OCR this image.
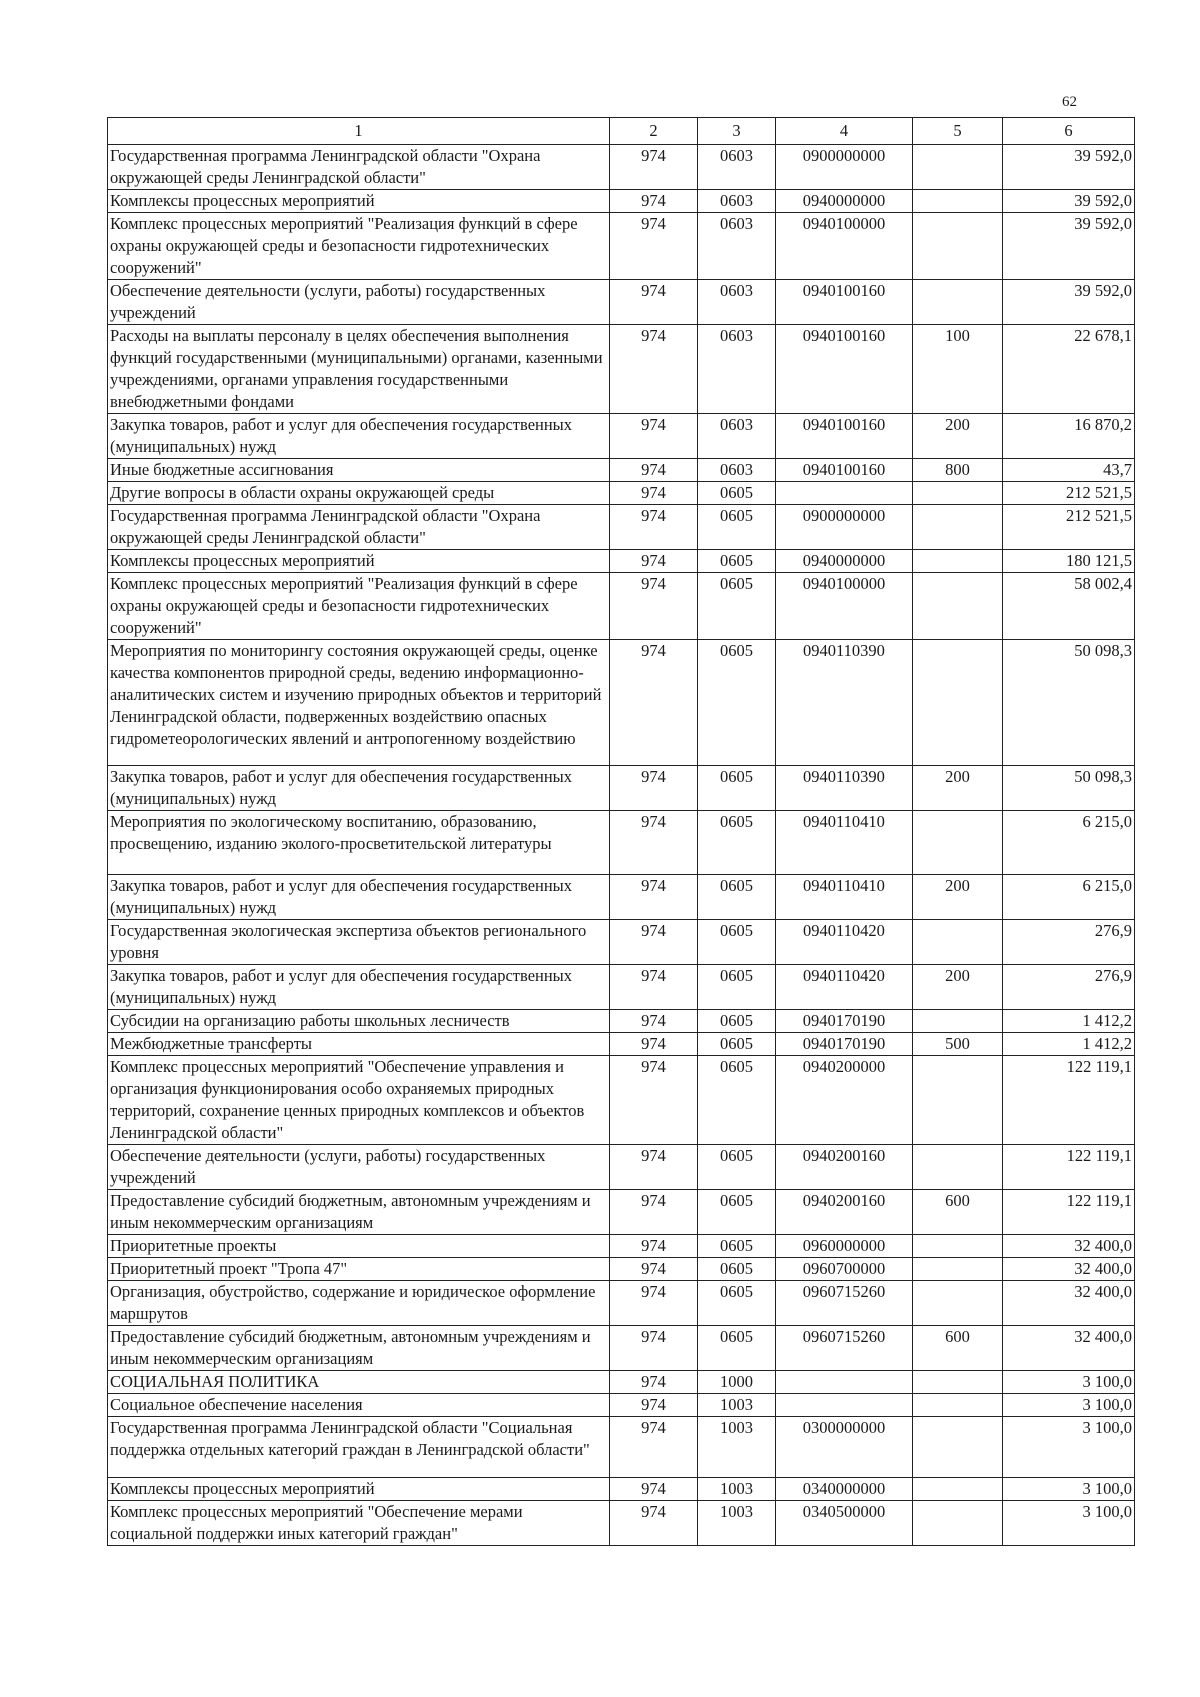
62
1	2	3	4	5	6
Государственная программа Ленинградской области "Охрана окружающей среды Ленинградской области"	974	0603	0900000000		39 592,0
Комплексы процессных мероприятий	974	0603	0940000000		39 592,0
Комплекс процессных мероприятий "Реализация функций в сфере охраны окружающей среды и безопасности гидротехнических сооружений"	974	0603	0940100000		39 592,0
Обеспечение деятельности (услуги, работы) государственных учреждений	974	0603	0940100160		39 592,0
Расходы на выплаты персоналу в целях обеспечения выполнения функций государственными (муниципальными) органами, казенными учреждениями, органами управления государственными внебюджетными фондами	974	0603	0940100160	100	22 678,1
Закупка товаров, работ и услуг для обеспечения государственных (муниципальных) нужд	974	0603	0940100160	200	16 870,2
Иные бюджетные ассигнования	974	0603	0940100160	800	43,7
Другие вопросы в области охраны окружающей среды	974	0605			212 521,5
Государственная программа Ленинградской области "Охрана окружающей среды Ленинградской области"	974	0605	0900000000		212 521,5
Комплексы процессных мероприятий	974	0605	0940000000		180 121,5
Комплекс процессных мероприятий "Реализация функций в сфере охраны окружающей среды и безопасности гидротехнических сооружений"	974	0605	0940100000		58 002,4
Мероприятия по мониторингу состояния окружающей среды, оценке качества компонентов природной среды, ведению информационно-аналитических систем и изучению природных объектов и территорий Ленинградской области, подверженных воздействию опасных гидрометеорологических явлений и антропогенному воздействию	974	0605	0940110390		50 098,3
Закупка товаров, работ и услуг для обеспечения государственных (муниципальных) нужд	974	0605	0940110390	200	50 098,3
Мероприятия по экологическому воспитанию, образованию, просвещению, изданию эколого-просветительской литературы	974	0605	0940110410		6 215,0
Закупка товаров, работ и услуг для обеспечения государственных (муниципальных) нужд	974	0605	0940110410	200	6 215,0
Государственная экологическая экспертиза объектов регионального уровня	974	0605	0940110420		276,9
Закупка товаров, работ и услуг для обеспечения государственных (муниципальных) нужд	974	0605	0940110420	200	276,9
Субсидии на организацию работы школьных лесничеств	974	0605	0940170190		1 412,2
Межбюджетные трансферты	974	0605	0940170190	500	1 412,2
Комплекс процессных мероприятий "Обеспечение управления и организация функционирования особо охраняемых природных территорий, сохранение ценных природных комплексов и объектов Ленинградской области"	974	0605	0940200000		122 119,1
Обеспечение деятельности (услуги, работы) государственных учреждений	974	0605	0940200160		122 119,1
Предоставление субсидий бюджетным, автономным учреждениям и иным некоммерческим организациям	974	0605	0940200160	600	122 119,1
Приоритетные проекты	974	0605	0960000000		32 400,0
Приоритетный проект "Тропа 47"	974	0605	0960700000		32 400,0
Организация, обустройство, содержание и юридическое оформление маршрутов	974	0605	0960715260		32 400,0
Предоставление субсидий бюджетным, автономным учреждениям и иным некоммерческим организациям	974	0605	0960715260	600	32 400,0
СОЦИАЛЬНАЯ ПОЛИТИКА	974	1000			3 100,0
Социальное обеспечение населения	974	1003			3 100,0
Государственная программа Ленинградской области "Социальная поддержка отдельных категорий граждан в Ленинградской области"	974	1003	0300000000		3 100,0
Комплексы процессных мероприятий	974	1003	0340000000		3 100,0
Комплекс процессных мероприятий "Обеспечение мерами социальной поддержки иных категорий граждан"	974	1003	0340500000		3 100,0
